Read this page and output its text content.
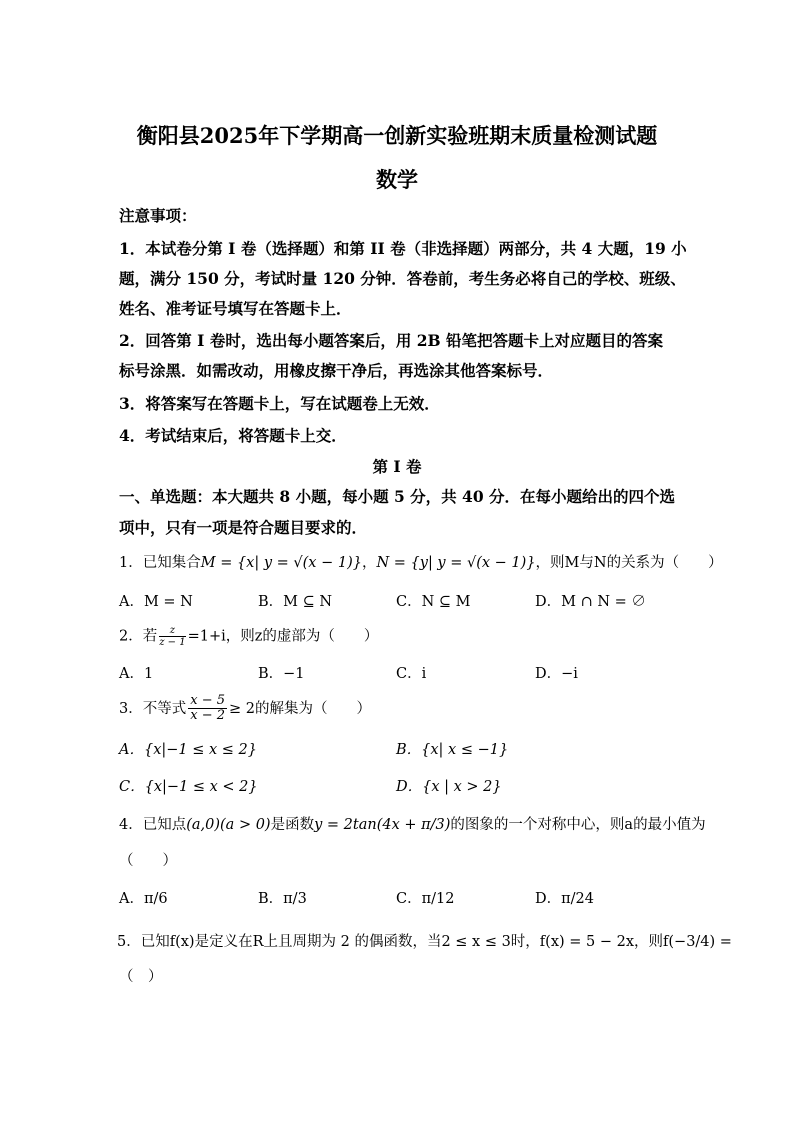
衡阳县2025年下学期高一创新实验班期末质量检测试题
数学
注意事项：
1．本试卷分第 I 卷（选择题）和第 II 卷（非选择题）两部分，共 4 大题，19 小
题，满分 150 分，考试时量 120 分钟．答卷前，考生务必将自己的学校、班级、
姓名、准考证号填写在答题卡上．
2．回答第 I 卷时，选出每小题答案后，用 2B 铅笔把答题卡上对应题目的答案
标号涂黑．如需改动，用橡皮擦干净后，再选涂其他答案标号．
3．将答案写在答题卡上，写在试题卷上无效．
4．考试结束后，将答题卡上交．
第 I 卷
一、单选题：本大题共 8 小题，每小题 5 分，共 40 分．在每小题给出的四个选
项中，只有一项是符合题目要求的．
1．已知集合M = {x| y = √(x − 1)}，N = {y| y = √(x − 1)}，则M与N的关系为（　　）
A．M = N	B．M ⊆ N	C．N ⊆ M	D．M ∩ N = ∅
2．若 $\frac{z}{z - 1} =1+i$，则z的虚部为（　　）
A．1	B．−1	C．i	D．−i
3．不等式 $\frac{x - 5}{x - 2} \ge 2$的解集为（　　）
A．{x|−1 ≤ x ≤ 2}	B．{x| x ≤ −1}
C．{x|−1 ≤ x < 2}	D．{x | x > 2}
4．已知点(a,0)(a > 0)是函数y = 2tan(4x + π/3)的图象的一个对称中心，则a的最小值为
（　　）
A．π/6	B．π/3	C．π/12	D．π/24
5．已知f(x)是定义在R上且周期为 2 的偶函数，当2 ≤ x ≤ 3时，f(x) = 5 − 2x，则f(−3/4) =
（　）
